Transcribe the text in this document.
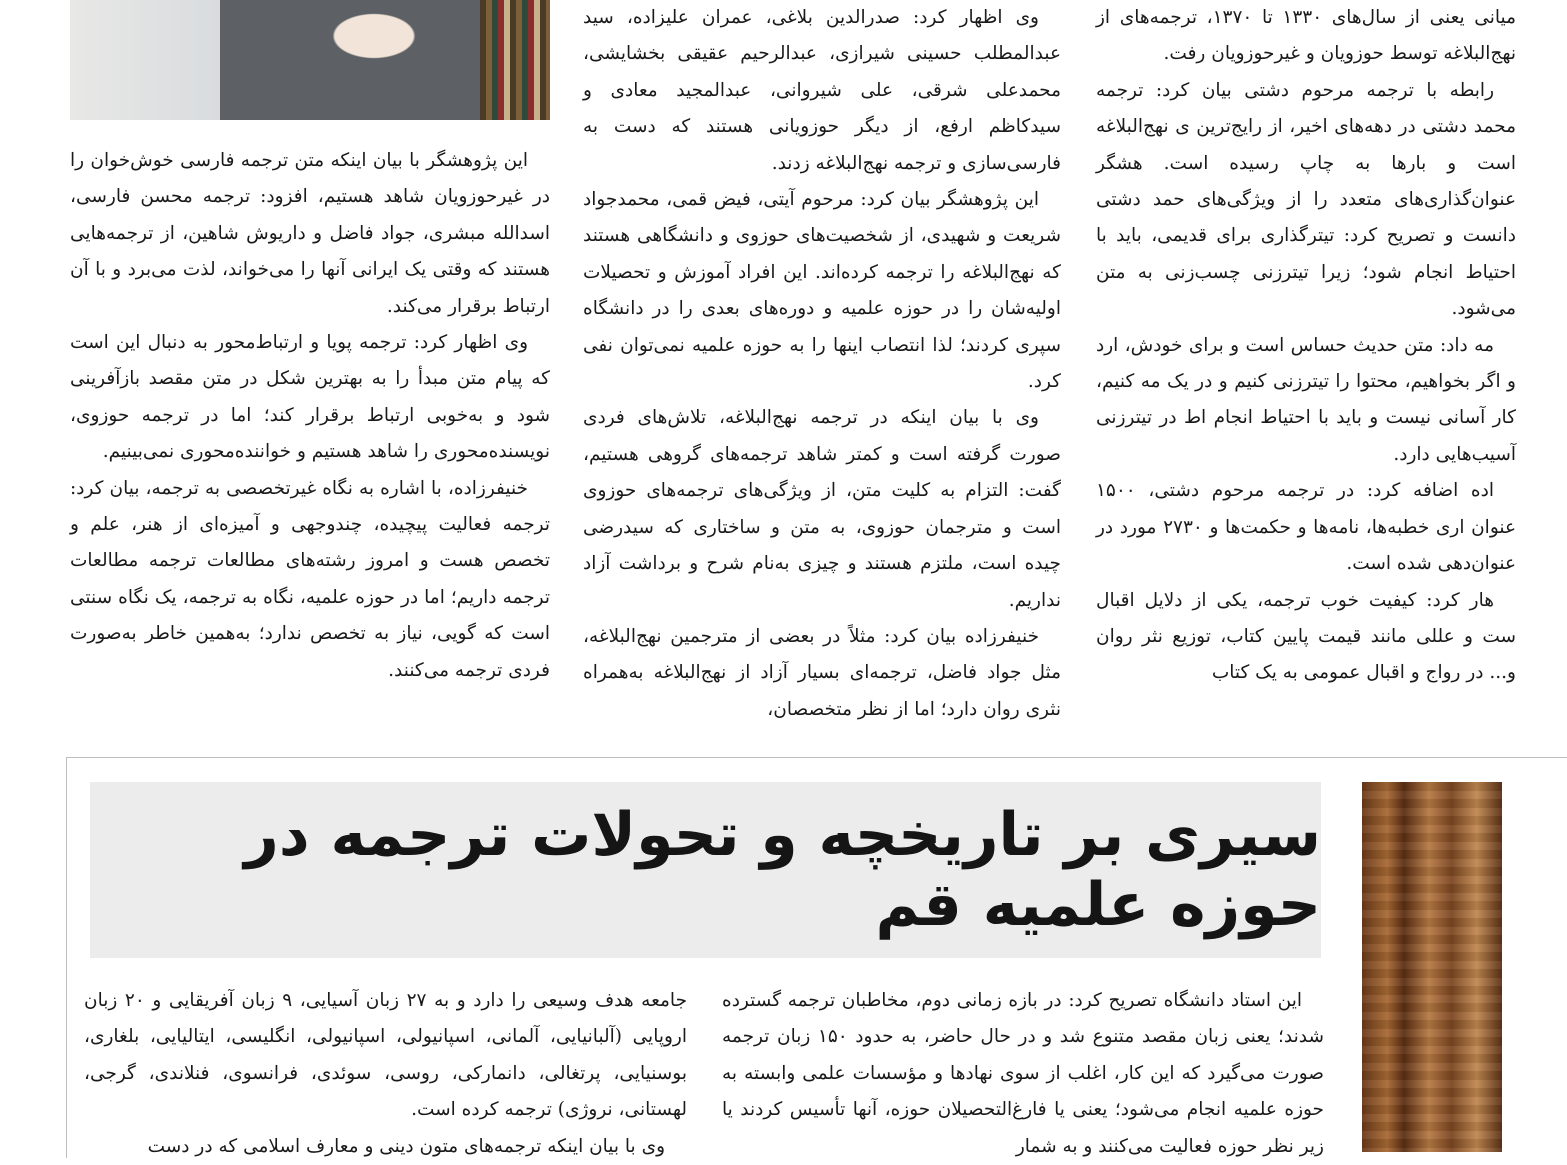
میانی یعنی از سال‌های ۱۳۳۰ تا ۱۳۷۰، ترجمه‌های از نهج‌البلاغه توسط حوزویان و غیرحوزویان رفت.

رابطه با ترجمه مرحوم دشتی بیان کرد: ترجمه محمد دشتی در دهه‌های اخیر، از رایج‌ترین ی نهج‌البلاغه است و بارها به چاپ رسیده است. هشگر عنوان‌گذاری‌های متعدد را از ویژگی‌های حمد دشتی دانست و تصریح کرد: تیترگذاری برای قدیمی، باید با احتیاط انجام شود؛ زیرا تیترزنی چسب‌زنی به متن می‌شود.

مه داد: متن حدیث حساس است و برای خودش، ارد و اگر بخواهیم، محتوا را تیترزنی کنیم و در یک مه کنیم، کار آسانی نیست و باید با احتیاط انجام اط در تیترزنی آسیب‌هایی دارد.

اده اضافه کرد: در ترجمه مرحوم دشتی، ۱۵۰۰ عنوان اری خطبه‌ها، نامه‌ها و حکمت‌ها و ۲۷۳۰ مورد در عنوان‌دهی شده است.

هار کرد: کیفیت خوب ترجمه، یکی از دلایل اقبال ست و عللی مانند قیمت پایین کتاب، توزیع نثر روان و... در رواج و اقبال عمومی به یک کتاب

وی اظهار کرد: صدرالدین بلاغی، عمران علیزاده، سید عبدالمطلب حسینی شیرازی، عبدالرحیم عقیقی بخشایشی، محمدعلی شرقی، علی شیروانی، عبدالمجید معادی و سیدکاظم ارفع، از دیگر حوزویانی هستند که دست به فارسی‌سازی و ترجمه نهج‌البلاغه زدند.

این پژوهشگر بیان کرد: مرحوم آیتی، فیض قمی، محمدجواد شریعت و شهیدی، از شخصیت‌های حوزوی و دانشگاهی هستند که نهج‌البلاغه را ترجمه کرده‌اند. این افراد آموزش و تحصیلات اولیه‌شان را در حوزه علمیه و دوره‌های بعدی را در دانشگاه سپری کردند؛ لذا انتصاب اینها را به حوزه علمیه نمی‌توان نفی کرد.

وی با بیان اینکه در ترجمه نهج‌البلاغه، تلاش‌های فردی صورت گرفته است و کمتر شاهد ترجمه‌های گروهی هستیم، گفت: التزام به کلیت متن، از ویژگی‌های ترجمه‌های حوزوی است و مترجمان حوزوی، به متن و ساختاری که سیدرضی چیده است، ملتزم هستند و چیزی به‌نام شرح و برداشت آزاد نداریم.

خنیفرزاده بیان کرد: مثلاً در بعضی از مترجمین نهج‌البلاغه، مثل جواد فاضل، ترجمه‌ای بسیار آزاد از نهج‌البلاغه به‌همراه نثری روان دارد؛ اما از نظر متخصصان،

این پژوهشگر با بیان اینکه متن ترجمه فارسی خوش‌خوان را در غیرحوزویان شاهد هستیم، افزود: ترجمه محسن فارسی، اسدالله مبشری، جواد فاضل و داریوش شاهین، از ترجمه‌هایی هستند که وقتی یک ایرانی آنها را می‌خواند، لذت می‌برد و با آن ارتباط برقرار می‌کند.

وی اظهار کرد: ترجمه پویا و ارتباط‌محور به دنبال این است که پیام متن مبدأ را به بهترین شکل در متن مقصد بازآفرینی شود و به‌خوبی ارتباط برقرار کند؛ اما در ترجمه حوزوی، نویسنده‌محوری را شاهد هستیم و خواننده‌محوری نمی‌بینیم.

خنیفرزاده، با اشاره به نگاه غیرتخصصی به ترجمه، بیان کرد: ترجمه فعالیت پیچیده، چندوجهی و آمیزه‌ای از هنر، علم و تخصص هست و امروز رشته‌های مطالعات ترجمه مطالعات ترجمه داریم؛ اما در حوزه علمیه، نگاه به ترجمه، یک نگاه سنتی است که گویی، نیاز به تخصص ندارد؛ به‌همین خاطر به‌صورت فردی ترجمه می‌کنند.

سیری بر تاریخچه و تحولات ترجمه در حوزه علمیه قم

این استاد دانشگاه تصریح کرد: در بازه زمانی دوم، مخاطبان ترجمه گسترده شدند؛ یعنی زبان مقصد متنوع شد و در حال حاضر، به حدود ۱۵۰ زبان ترجمه صورت می‌گیرد که این کار، اغلب از سوی نهادها و مؤسسات علمی وابسته به حوزه علمیه انجام می‌شود؛ یعنی یا فارغ‌التحصیلان حوزه، آنها تأسیس کردند یا زیر نظر حوزه فعالیت می‌کنند و به شمار

جامعه هدف وسیعی را دارد و به ۲۷ زبان آسیایی، ۹ زبان آفریقایی و ۲۰ زبان اروپایی (آلبانیایی، آلمانی، اسپانیولی، اسپانیولی، انگلیسی، ایتالیایی، بلغاری، بوسنیایی، پرتغالی، دانمارکی، روسی، سوئدی، فرانسوی، فنلاندی، گرجی، لهستانی، نروژی) ترجمه کرده است.

وی با بیان اینکه ترجمه‌های متون دینی و معارف اسلامی که در دست
